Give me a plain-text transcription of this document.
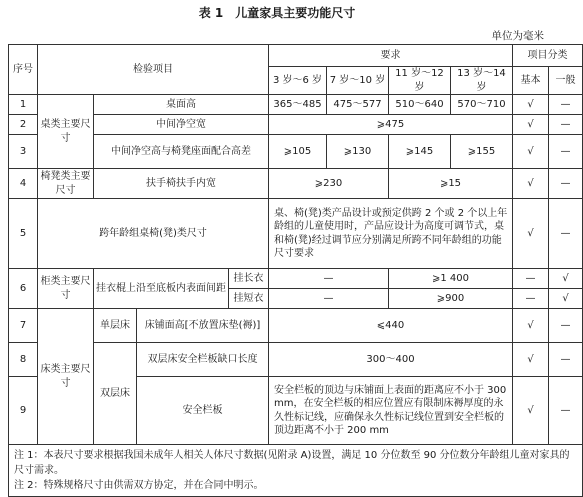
表 1 儿童家具主要功能尺寸
单位为毫米
序号	检验项目				要求				项目分类	
					3 岁～6 岁	7 岁～10 岁	11 岁～12 岁	13 岁～14 岁	基本	一般
1	桌类主要尺寸	桌面高			365～485	475～577	510～640	570～710	√	—
2		中间净空宽			⩾475				√	—
3		中间净空高与椅凳座面配合高差			⩾105	⩾130	⩾145	⩾155	√	—
4	椅凳类主要尺寸	扶手椅扶手内宽			⩾230		⩾15		√	—
5	跨年龄组桌椅(凳)类尺寸				桌、椅(凳)类产品设计或预定供跨 2 个或 2 个以上年龄组的儿童使用时，产品应设计为高度可调节式，桌和椅(凳)经过调节应分别满足所跨不同年龄组的功能尺寸要求				√	—
6	柜类主要尺寸	挂衣棍上沿至底板内表面间距		挂长衣	—		⩾1 400		—	√
				挂短衣	—		⩾900		—	√
7	床类主要尺寸	单层床	床铺面高[不放置床垫(褥)]		⩽440				√	—
8		双层床	双层床安全栏板缺口长度		300～400				√	—
9			安全栏板		安全栏板的顶边与床铺面上表面的距离应不小于 300 mm，在安全栏板的相应位置应有限制床褥厚度的永久性标记线，应确保永久性标记线位置到安全栏板的顶边距离不小于 200 mm				√	—

注 1：本表尺寸要求根据我国未成年人相关人体尺寸数据(见附录 A)设置，满足 10 分位数至 90 分位数分年龄组儿童对家具的尺寸需求。
注 2：特殊规格尺寸由供需双方协定，并在合同中明示。										
